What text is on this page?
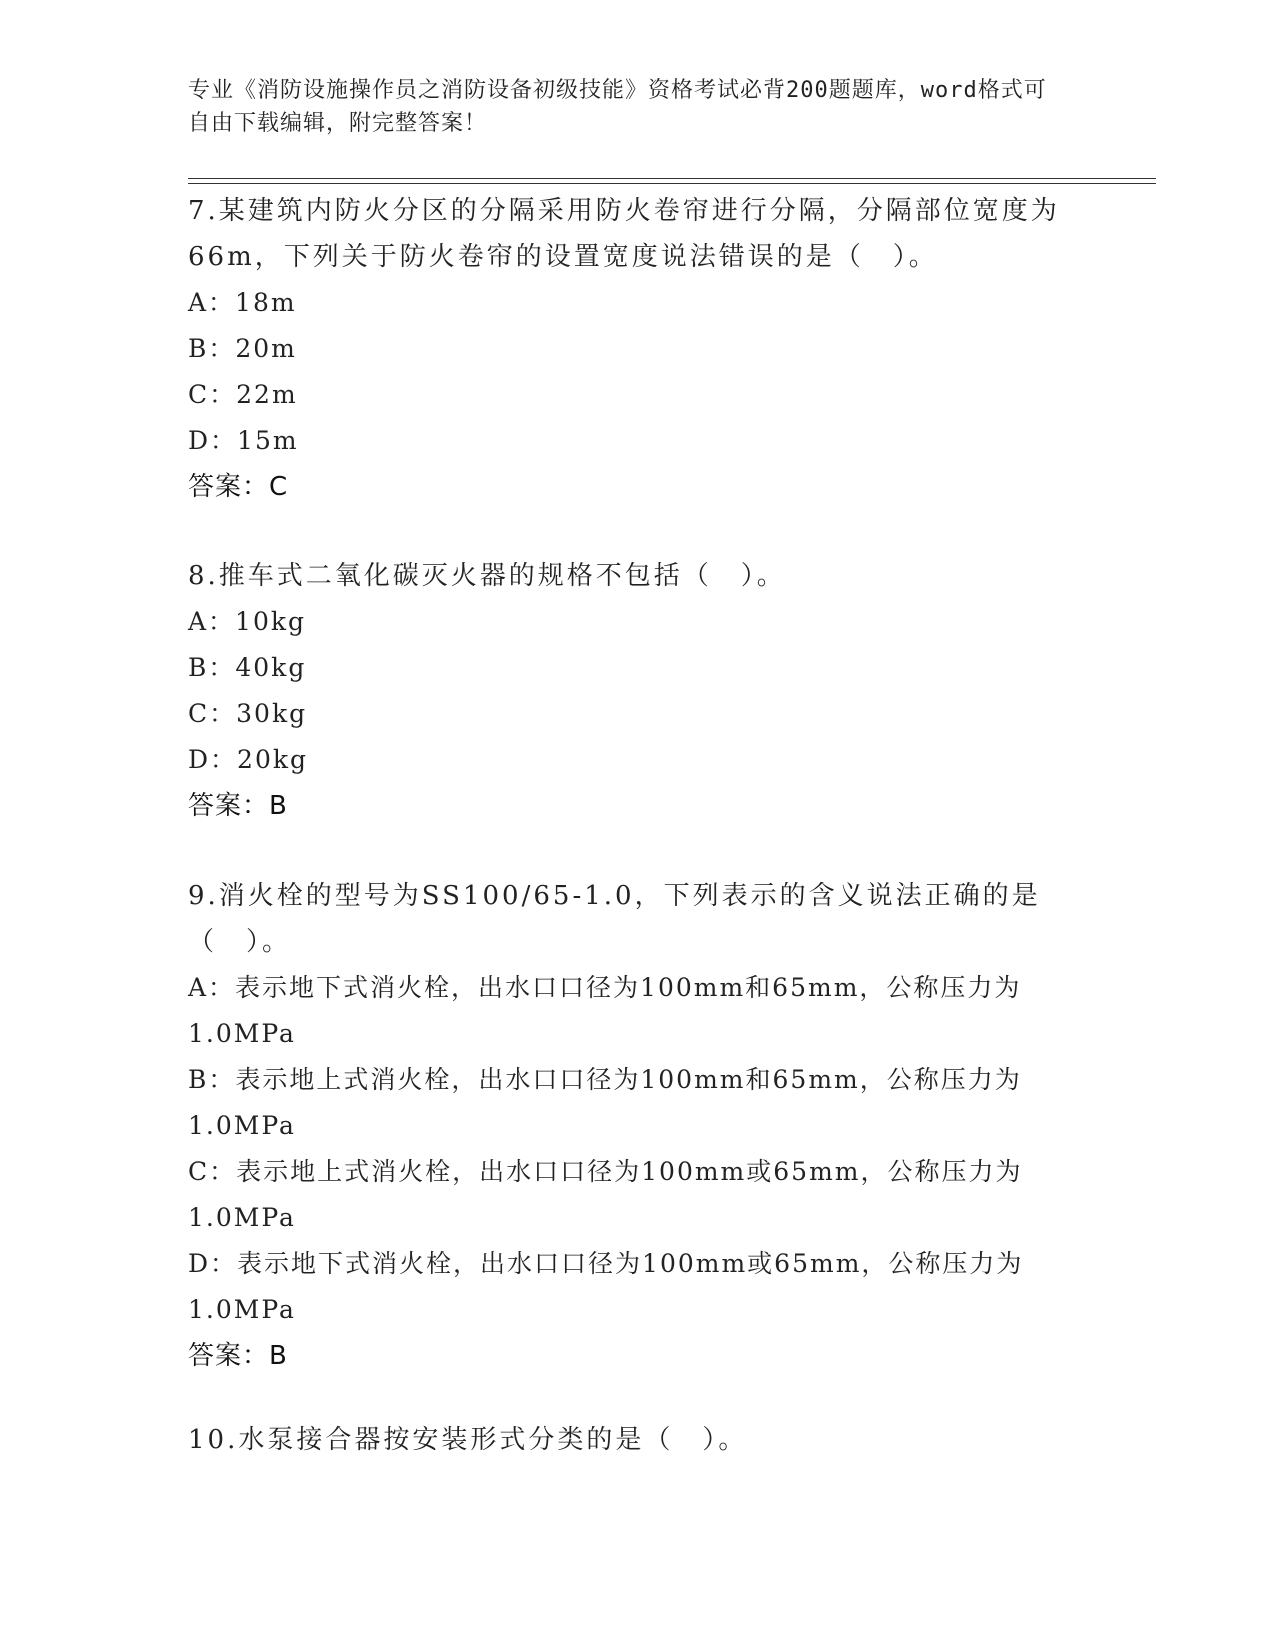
专业《消防设施操作员之消防设备初级技能》资格考试必背200题题库，word格式可自由下载编辑，附完整答案！

7.某建筑内防火分区的分隔采用防火卷帘进行分隔，分隔部位宽度为66m，下列关于防火卷帘的设置宽度说法错误的是（　）。

A：18m

B：20m

C：22m

D：15m

答案：C

8.推车式二氧化碳灭火器的规格不包括（　）。

A：10kg

B：40kg

C：30kg

D：20kg

答案：B

9.消火栓的型号为SS100/65-1.0，下列表示的含义说法正确的是（　）。

A：表示地下式消火栓，出水口口径为100mm和65mm，公称压力为1.0MPa

B：表示地上式消火栓，出水口口径为100mm和65mm，公称压力为1.0MPa

C：表示地上式消火栓，出水口口径为100mm或65mm，公称压力为1.0MPa

D：表示地下式消火栓，出水口口径为100mm或65mm，公称压力为1.0MPa

答案：B

10.水泵接合器按安装形式分类的是（　）。
